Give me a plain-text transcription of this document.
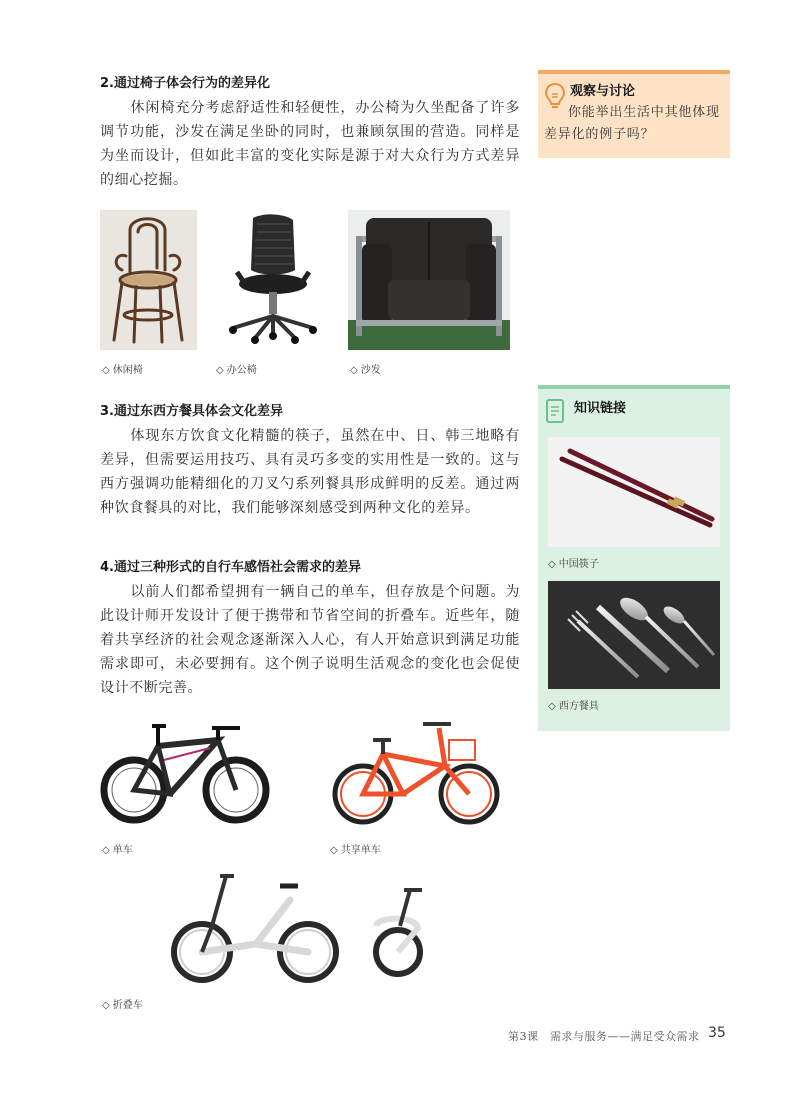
2.通过椅子体会行为的差异化
休闲椅充分考虑舒适性和轻便性，办公椅为久坐配备了许多调节功能，沙发在满足坐卧的同时，也兼顾氛围的营造。同样是为坐而设计，但如此丰富的变化实际是源于对大众行为方式差异的细心挖掘。
◇ 休闲椅	◇ 办公椅	◇ 沙发
3.通过东西方餐具体会文化差异
体现东方饮食文化精髓的筷子，虽然在中、日、韩三地略有差异，但需要运用技巧、具有灵巧多变的实用性是一致的。这与西方强调功能精细化的刀叉勺系列餐具形成鲜明的反差。通过两种饮食餐具的对比，我们能够深刻感受到两种文化的差异。
4.通过三种形式的自行车感悟社会需求的差异
以前人们都希望拥有一辆自己的单车，但存放是个问题。为此设计师开发设计了便于携带和节省空间的折叠车。近些年，随着共享经济的社会观念逐渐深入人心，有人开始意识到满足功能需求即可，未必要拥有。这个例子说明生活观念的变化也会促使设计不断完善。
◇ 单车	◇ 共享单车
◇ 折叠车
观察与讨论
你能举出生活中其他体现差异化的例子吗？
知识链接
◇ 中国筷子
◇ 西方餐具
第3课　需求与服务——满足受众需求 35
